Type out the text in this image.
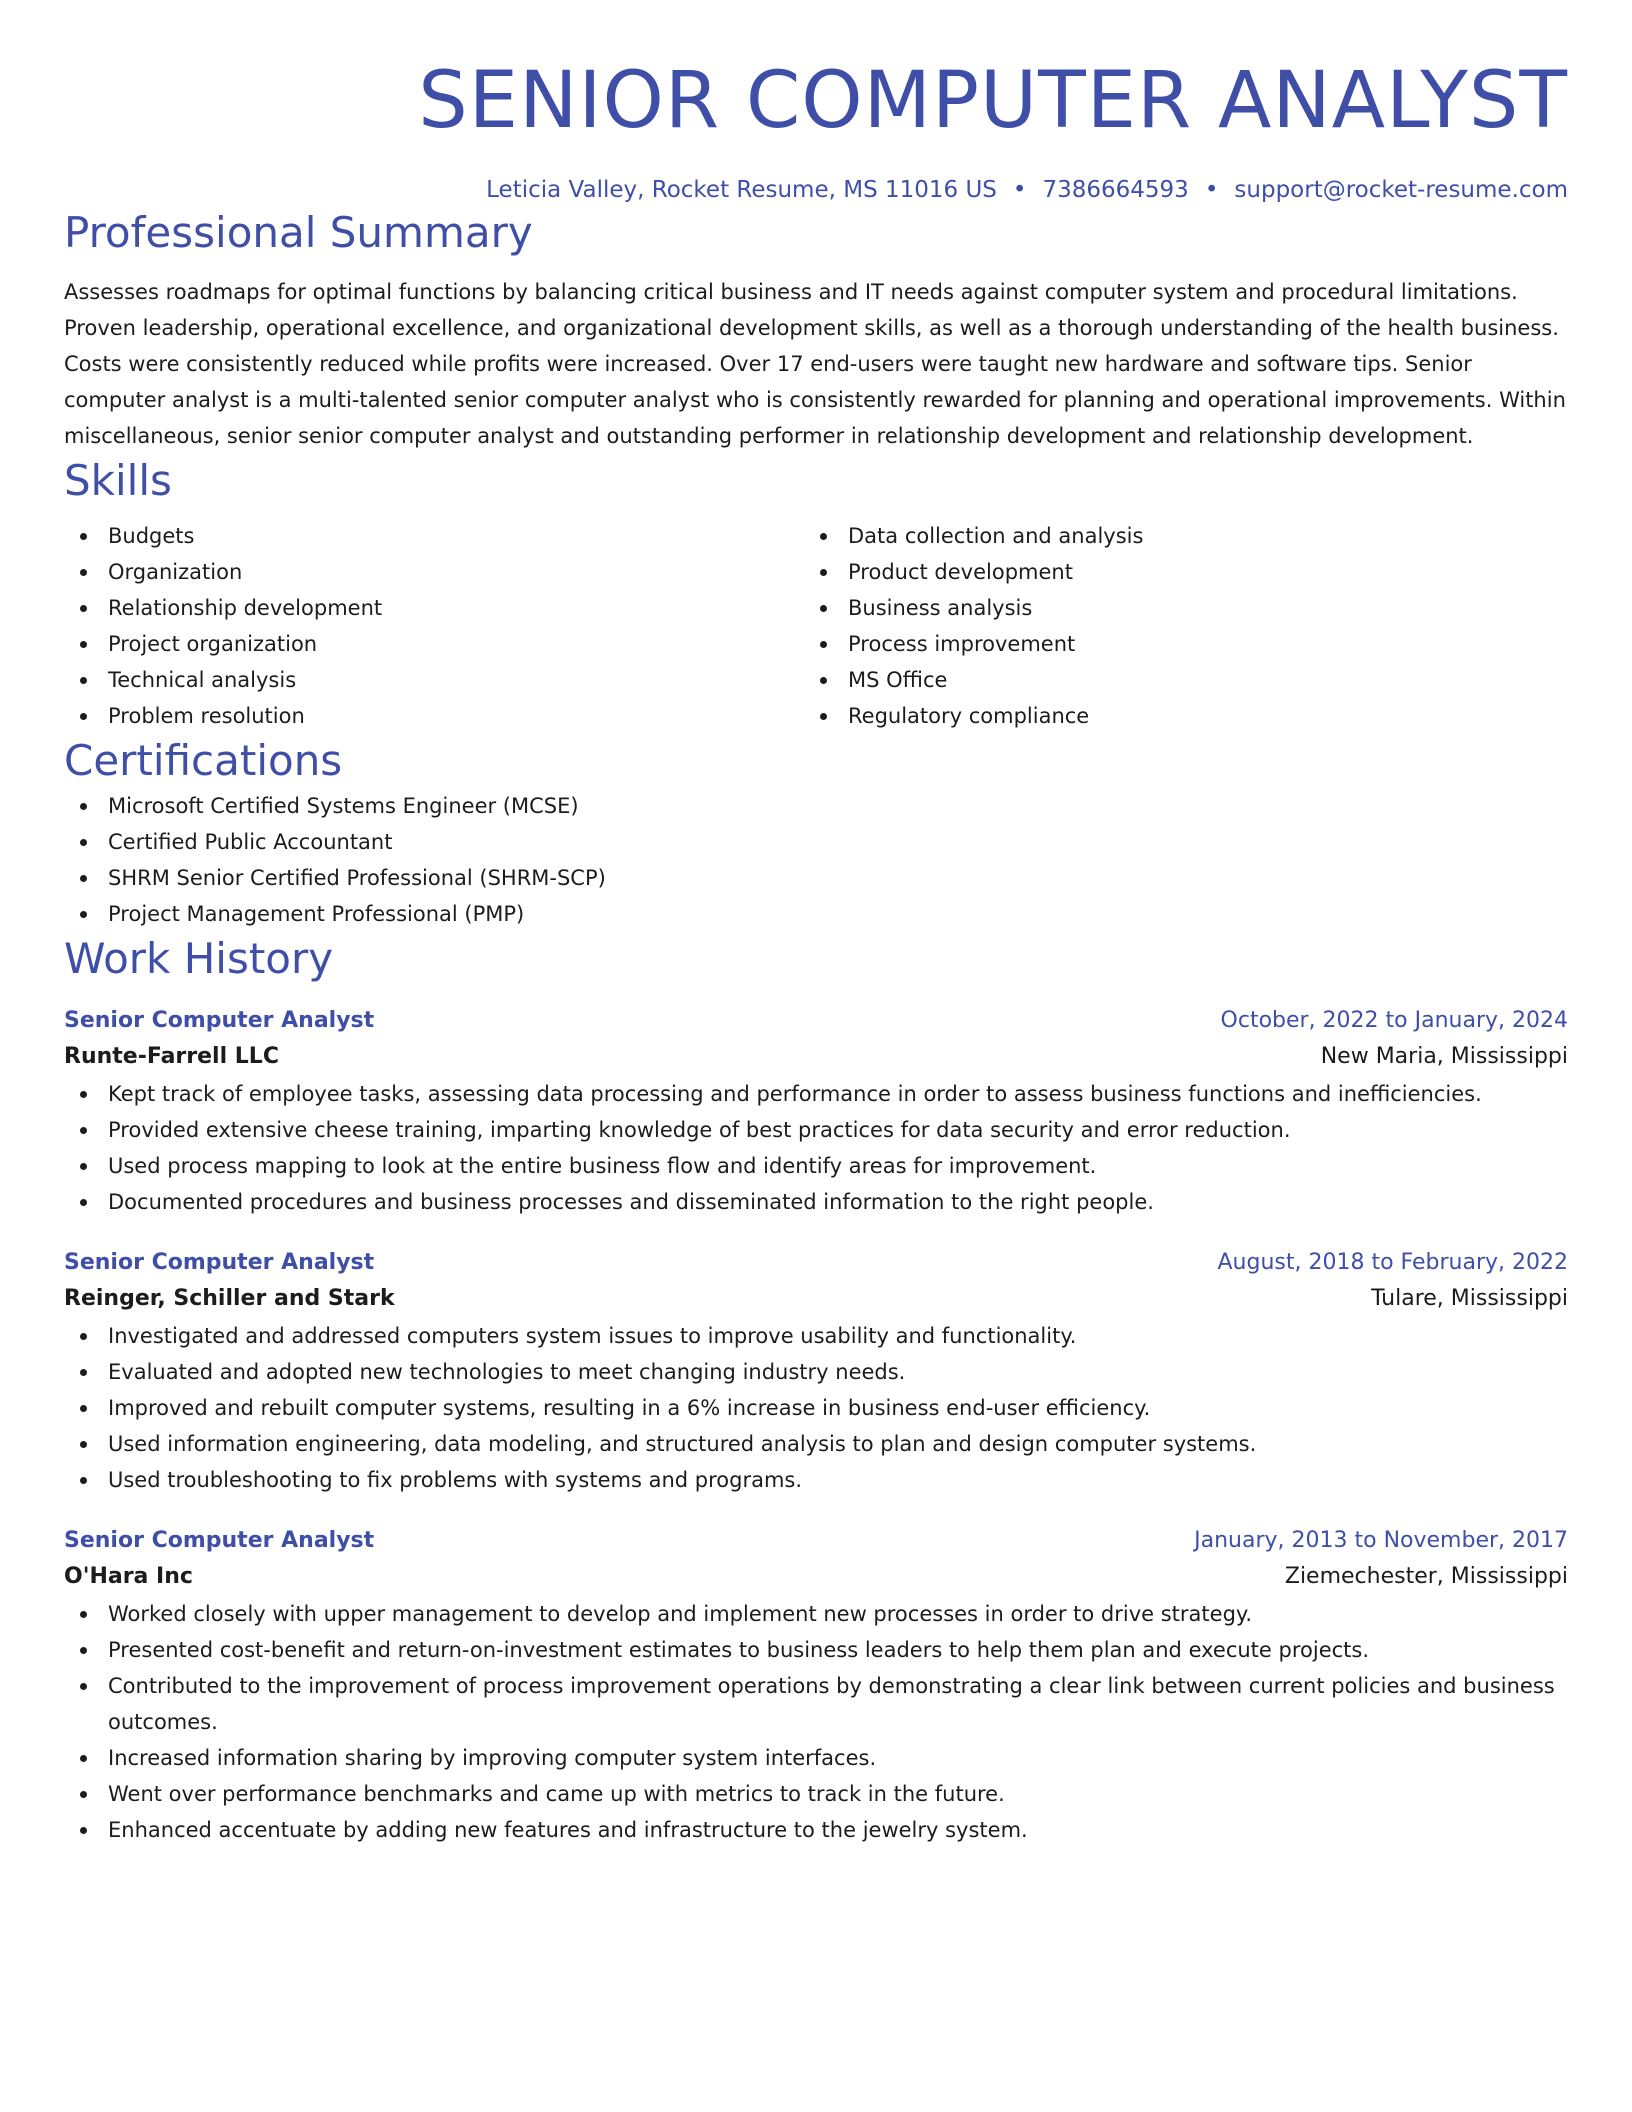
SENIOR COMPUTER ANALYST
Leticia Valley, Rocket Resume, MS 11016 US • 7386664593 • support@rocket-resume.com
Professional Summary

Assesses roadmaps for optimal functions by balancing critical business and IT needs against computer system and procedural limitations. Proven leadership, operational excellence, and organizational development skills, as well as a thorough understanding of the health business. Costs were consistently reduced while profits were increased. Over 17 end-users were taught new hardware and software tips. Senior computer analyst is a multi-talented senior computer analyst who is consistently rewarded for planning and operational improvements. Within miscellaneous, senior senior computer analyst and outstanding performer in relationship development and relationship development.

Skills
Budgets
Organization
Relationship development
Project organization
Technical analysis
Problem resolution
Data collection and analysis
Product development
Business analysis
Process improvement
MS Office
Regulatory compliance
Certifications
Microsoft Certified Systems Engineer (MCSE)
Certified Public Accountant
SHRM Senior Certified Professional (SHRM-SCP)
Project Management Professional (PMP)
Work History
Senior Computer Analyst	October, 2022 to January, 2024
Runte-Farrell LLC	New Maria, Mississippi
Kept track of employee tasks, assessing data processing and performance in order to assess business functions and inefficiencies.
Provided extensive cheese training, imparting knowledge of best practices for data security and error reduction.
Used process mapping to look at the entire business flow and identify areas for improvement.
Documented procedures and business processes and disseminated information to the right people.
Senior Computer Analyst	August, 2018 to February, 2022
Reinger, Schiller and Stark	Tulare, Mississippi
Investigated and addressed computers system issues to improve usability and functionality.
Evaluated and adopted new technologies to meet changing industry needs.
Improved and rebuilt computer systems, resulting in a 6% increase in business end-user efficiency.
Used information engineering, data modeling, and structured analysis to plan and design computer systems.
Used troubleshooting to fix problems with systems and programs.
Senior Computer Analyst	January, 2013 to November, 2017
O'Hara Inc	Ziemechester, Mississippi
Worked closely with upper management to develop and implement new processes in order to drive strategy.
Presented cost-benefit and return-on-investment estimates to business leaders to help them plan and execute projects.
Contributed to the improvement of process improvement operations by demonstrating a clear link between current policies and business outcomes.
Increased information sharing by improving computer system interfaces.
Went over performance benchmarks and came up with metrics to track in the future.
Enhanced accentuate by adding new features and infrastructure to the jewelry system.
